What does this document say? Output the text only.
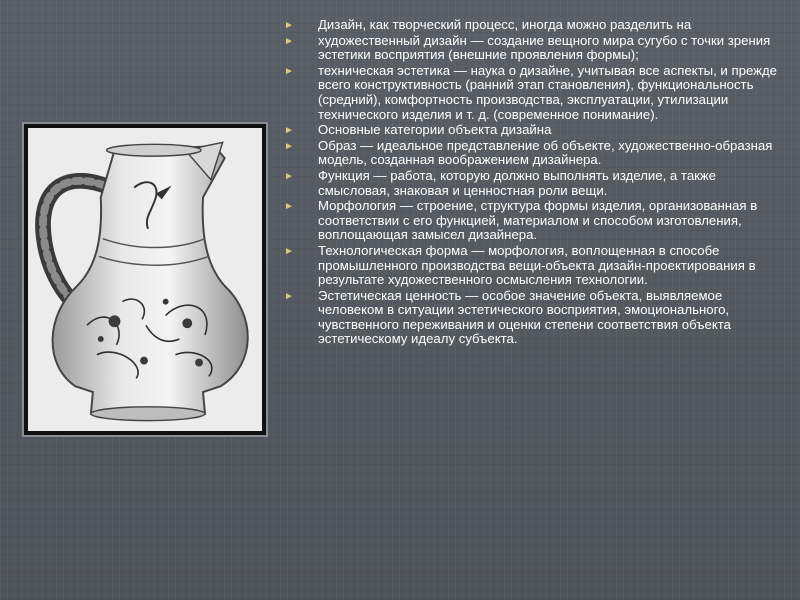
► Дизайн, как творческий процесс, иногда можно разделить на
► художественный дизайн — создание вещного мира сугубо с точки зрения эстетики восприятия (внешние проявления формы);
► техническая эстетика — наука о дизайне, учитывая все аспекты, и прежде всего конструктивность (ранний этап становления), функциональность (средний), комфортность производства, эксплуатации, утилизации технического изделия и т. д. (современное понимание).
► Основные категории объекта дизайна
► Образ — идеальное представление об объекте, художественно-образная модель, созданная воображением дизайнера.
► Функция — работа, которую должно выполнять изделие, а также смысловая, знаковая и ценностная роли вещи.
► Морфология — строение, структура формы изделия, организованная в соответствии с его функцией, материалом и способом изготовления, воплощающая замысел дизайнера.
► Технологическая форма — морфология, воплощенная в способе промышленного производства вещи-объекта дизайн-проектирования в результате художественного осмысления технологии.
► Эстетическая ценность — особое значение объекта, выявляемое человеком в ситуации эстетического восприятия, эмоционального, чувственного переживания и оценки степени соответствия объекта эстетическому идеалу субъекта.
